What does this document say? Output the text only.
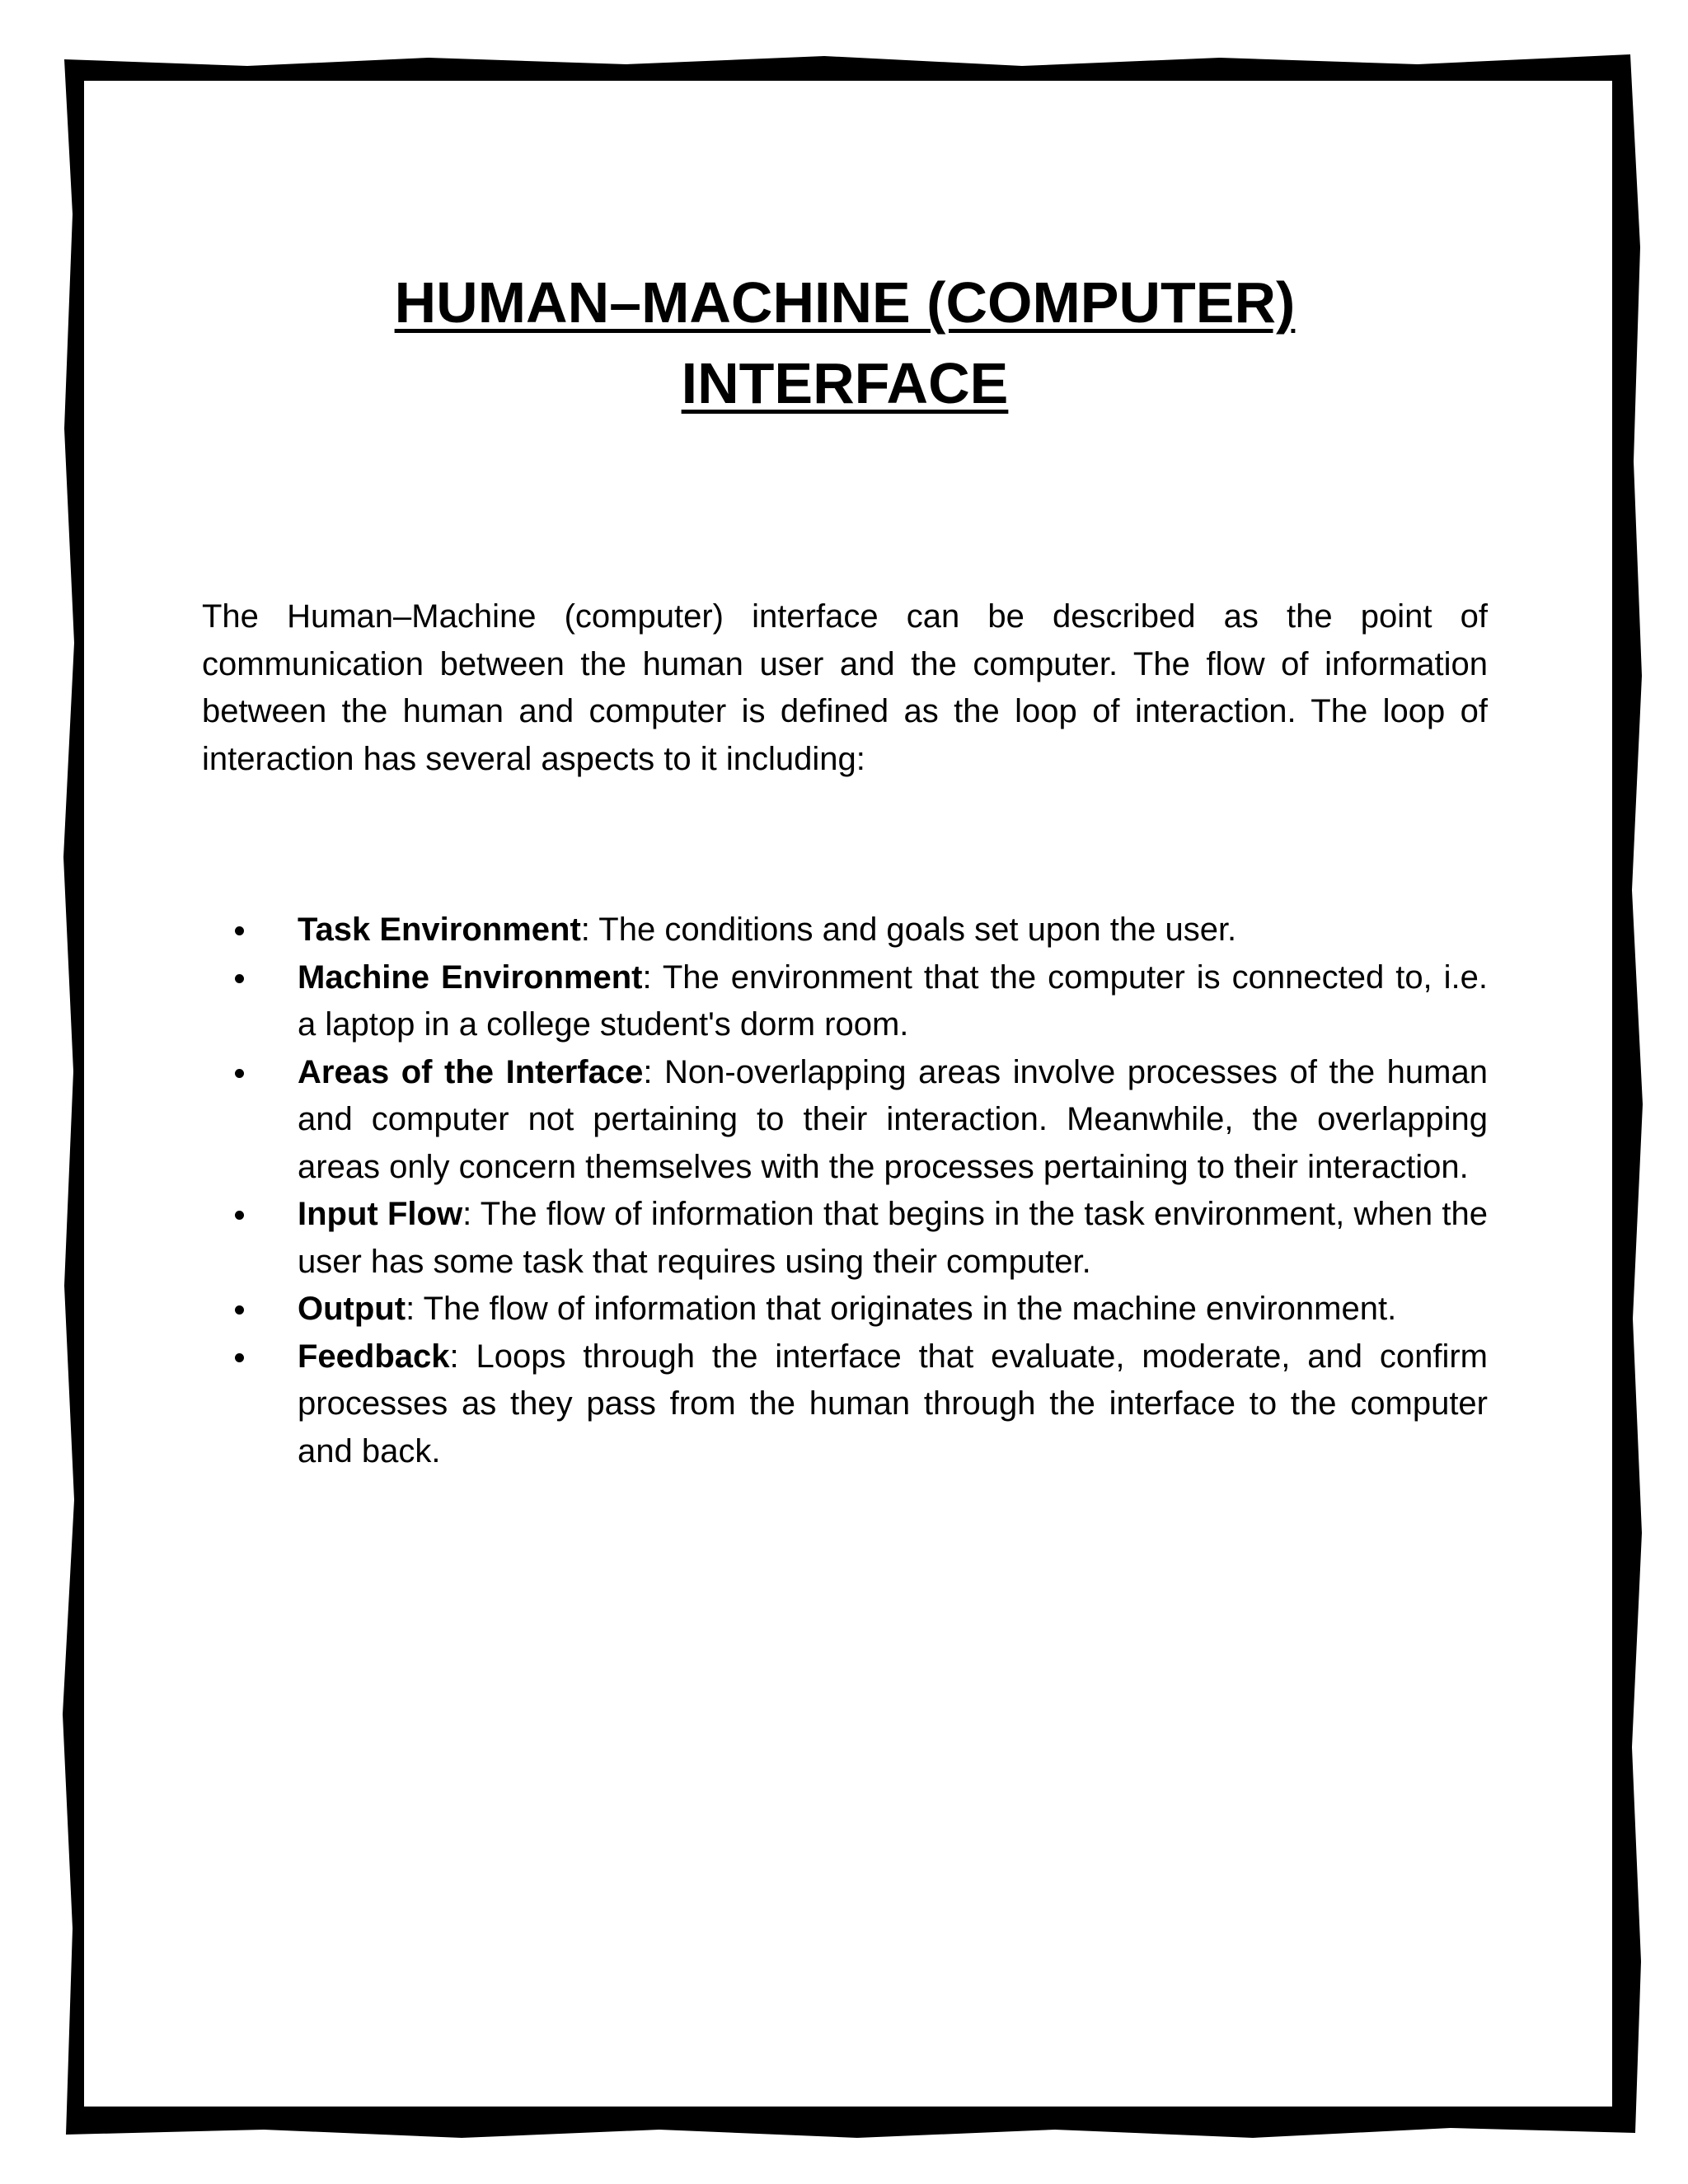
HUMAN–MACHINE (COMPUTER)
INTERFACE

The Human–Machine (computer) interface can be described as the point of communication between the human user and the computer. The flow of information between the human and computer is defined as the loop of interaction. The loop of interaction has several aspects to it including:

Task Environment: The conditions and goals set upon the user.
Machine Environment: The environment that the computer is connected to, i.e. a laptop in a college student's dorm room.
Areas of the Interface: Non-overlapping areas involve processes of the human and computer not pertaining to their interaction. Meanwhile, the overlapping areas only concern themselves with the processes pertaining to their interaction.
Input Flow: The flow of information that begins in the task environment, when the user has some task that requires using their computer.
Output: The flow of information that originates in the machine environment.
Feedback: Loops through the interface that evaluate, moderate, and confirm processes as they pass from the human through the interface to the computer and back.
